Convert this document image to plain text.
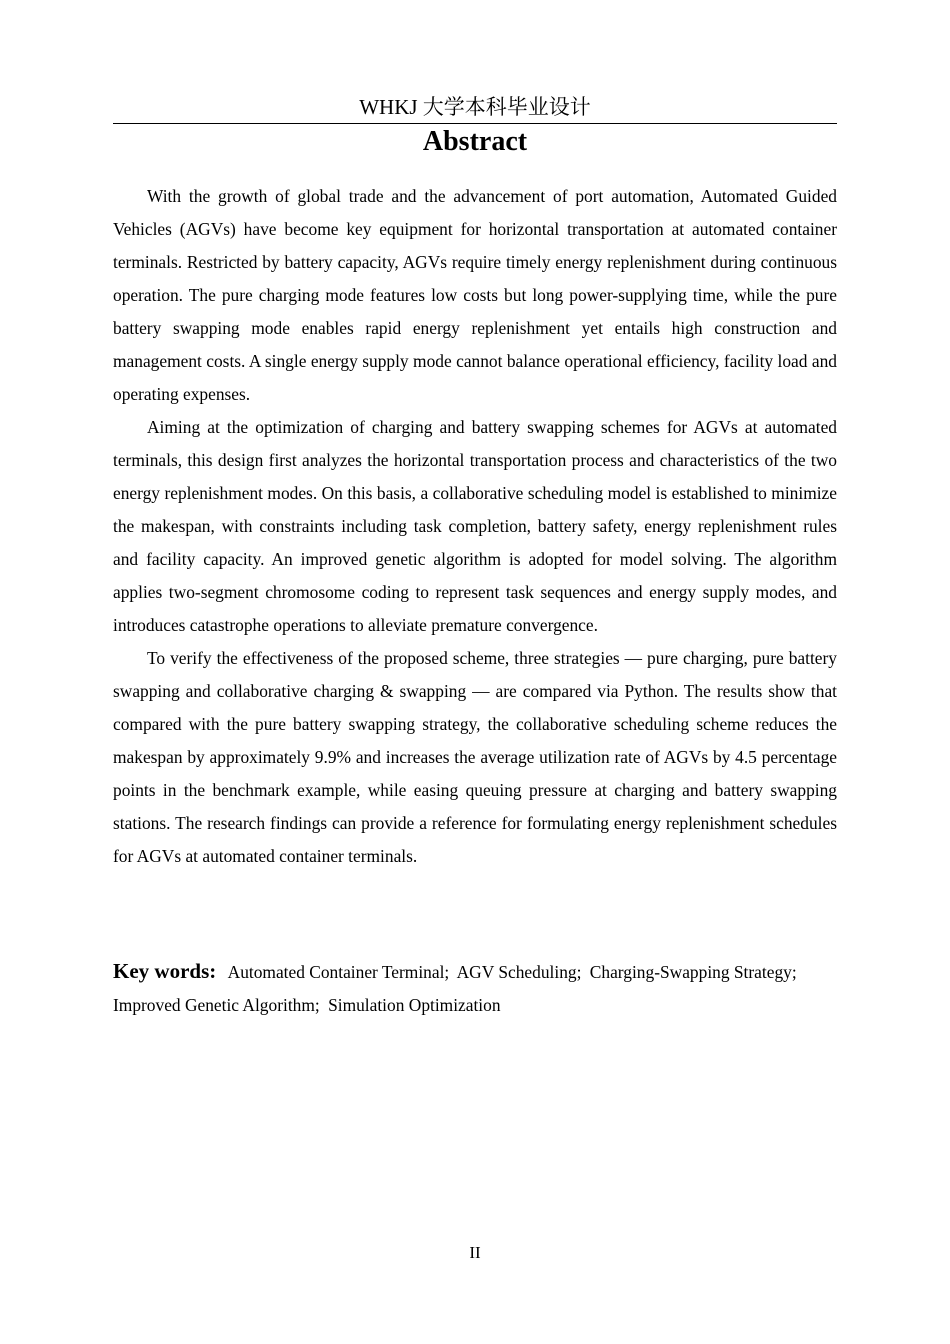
WHKJ 大学本科毕业设计
Abstract

With the growth of global trade and the advancement of port automation, Automated Guided Vehicles (AGVs) have become key equipment for horizontal transportation at automated container terminals. Restricted by battery capacity, AGVs require timely energy replenishment during continuous operation. The pure charging mode features low costs but long power-supplying time, while the pure battery swapping mode enables rapid energy replenishment yet entails high construction and management costs. A single energy supply mode cannot balance operational efficiency, facility load and operating expenses.

Aiming at the optimization of charging and battery swapping schemes for AGVs at automated terminals, this design first analyzes the horizontal transportation process and characteristics of the two energy replenishment modes. On this basis, a collaborative scheduling model is established to minimize the makespan, with constraints including task completion, battery safety, energy replenishment rules and facility capacity. An improved genetic algorithm is adopted for model solving. The algorithm applies two-segment chromosome coding to represent task sequences and energy supply modes, and introduces catastrophe operations to alleviate premature convergence.

To verify the effectiveness of the proposed scheme, three strategies — pure charging, pure battery swapping and collaborative charging & swapping — are compared via Python. The results show that compared with the pure battery swapping strategy, the collaborative scheduling scheme reduces the makespan by approximately 9.9% and increases the average utilization rate of AGVs by 4.5 percentage points in the benchmark example, while easing queuing pressure at charging and battery swapping stations. The research findings can provide a reference for formulating energy replenishment schedules for AGVs at automated container terminals.

Key words: Automated Container Terminal; AGV Scheduling; Charging-Swapping Strategy; Improved Genetic Algorithm; Simulation Optimization
II
